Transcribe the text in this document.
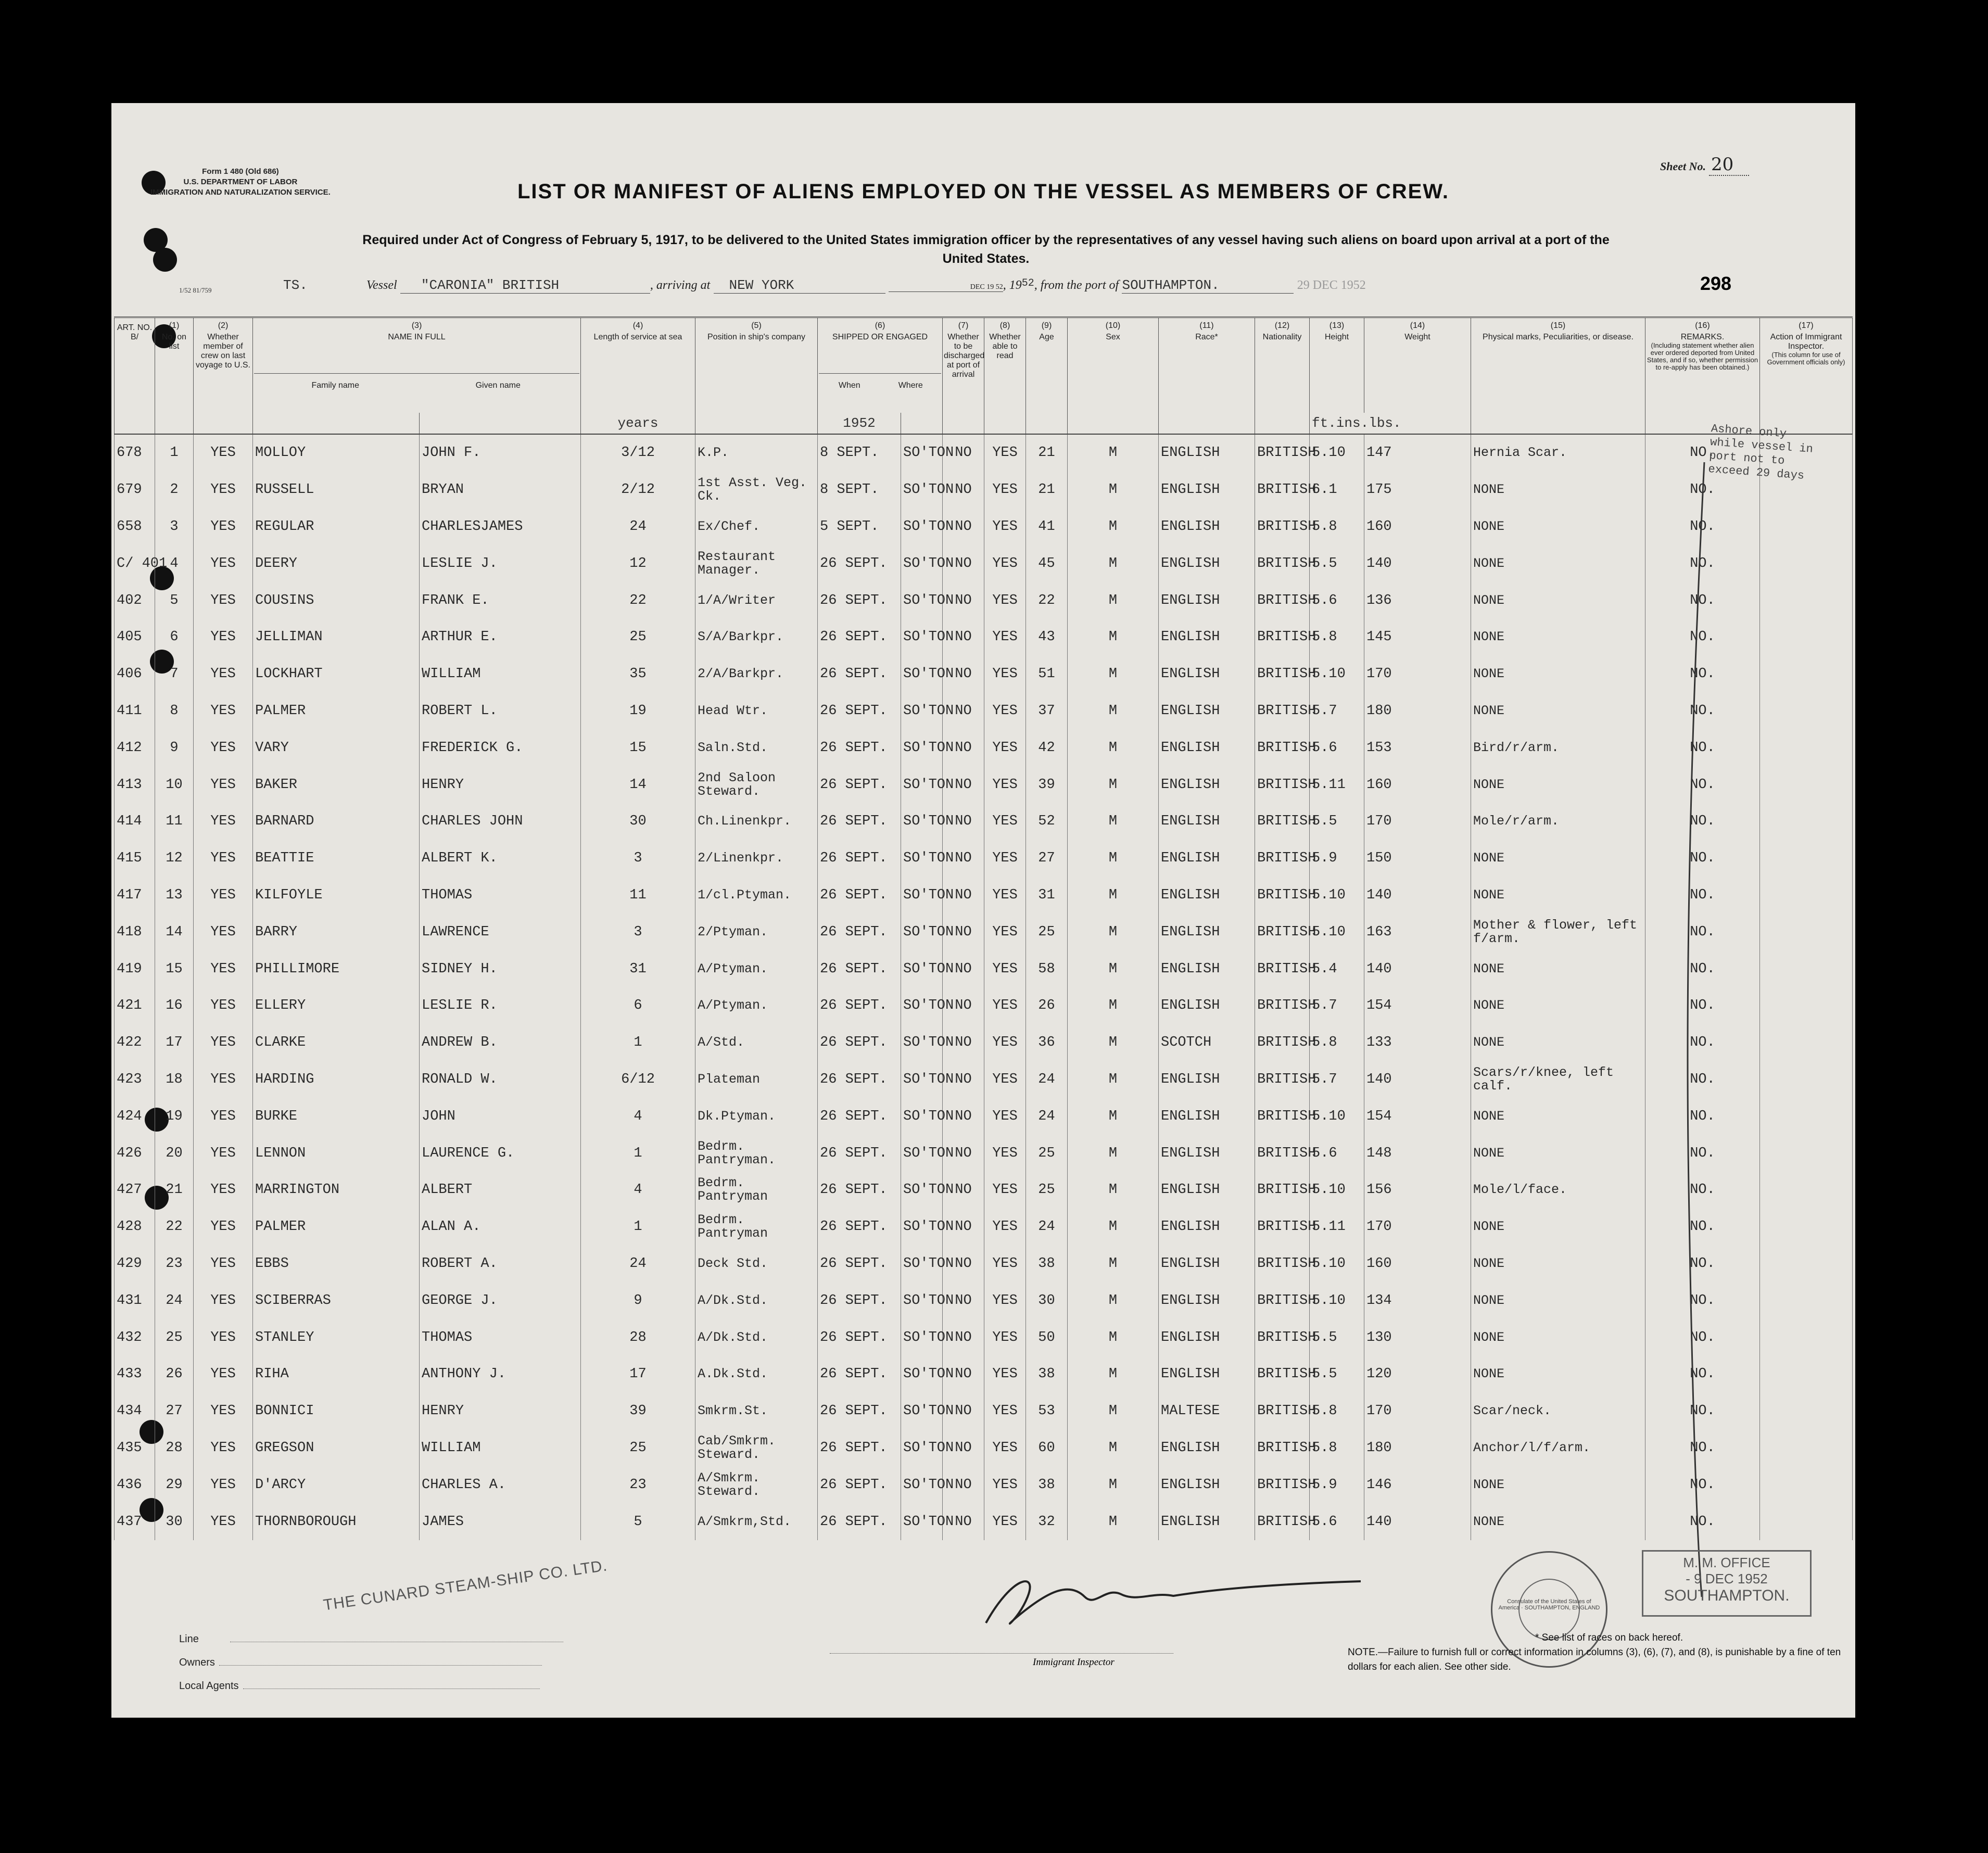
Form 1 480 (Old 686)
U.S. DEPARTMENT OF LABOR
IMMIGRATION AND NATURALIZATION SERVICE.
Sheet No. 20
LIST OR MANIFEST OF ALIENS EMPLOYED ON THE VESSEL AS MEMBERS OF CREW.
Required under Act of Congress of February 5, 1917, to be delivered to the United States immigration officer by the representatives of any vessel having such aliens on board upon arrival at a port of the United States.
1/52 81/759	TS.	Vessel "CARONIA" BRITISH	, arriving at NEW YORK	DEC 19 52, $19^{52}$, from the port of SOUTHAMPTON.	29 DEC 1952	298
ART. NO. B/	(1)
No. on list	(2)
Whether member of crew on last voyage to U.S.	(3)
NAME IN FULL
Family name Given name		(4)
Length of service at sea	(5)
Position in ship's company	(6)
SHIPPED OR ENGAGED
When Where		(7)
Whether to be discharged at port of arrival	(8)
Whether able to read	(9)
Age	(10)
Sex	(11)
Race*	(12)
Nationality	(13)
Height	(14)
Weight	(15)
Physical marks, Peculiarities, or disease.	(16)
REMARKS.
(Including statement whether alien ever ordered deported from United States, and if so, whether permission to re-apply has been obtained.)	(17)
Action of Immigrant Inspector.
(This column for use of Government officials only)

					years		1952								ft.ins.lbs.				
678	1	YES	MOLLOY	JOHN F.	3/12	K.P.	8 SEPT.	SO'TON	NO	YES	21	M	ENGLISH	BRITISH	5.10	147	Hernia Scar.	NO.	
679	2	YES	RUSSELL	BRYAN	2/12	1st Asst. Veg. Ck.	8 SEPT.	SO'TON	NO	YES	21	M	ENGLISH	BRITISH	6.1	175	NONE	NO.	
658	3	YES	REGULAR	CHARLESJAMES	24	Ex/Chef.	5 SEPT.	SO'TON	NO	YES	41	M	ENGLISH	BRITISH	5.8	160	NONE	NO.	
C/ 401	4	YES	DEERY	LESLIE J.	12	Restaurant Manager.	26 SEPT.	SO'TON	NO	YES	45	M	ENGLISH	BRITISH	5.5	140	NONE	NO.	
402	5	YES	COUSINS	FRANK E.	22	1/A/Writer	26 SEPT.	SO'TON	NO	YES	22	M	ENGLISH	BRITISH	5.6	136	NONE	NO.	
405	6	YES	JELLIMAN	ARTHUR E.	25	S/A/Barkpr.	26 SEPT.	SO'TON	NO	YES	43	M	ENGLISH	BRITISH	5.8	145	NONE	NO.	
406	7	YES	LOCKHART	WILLIAM	35	2/A/Barkpr.	26 SEPT.	SO'TON	NO	YES	51	M	ENGLISH	BRITISH	5.10	170	NONE	NO.	
411	8	YES	PALMER	ROBERT L.	19	Head Wtr.	26 SEPT.	SO'TON	NO	YES	37	M	ENGLISH	BRITISH	5.7	180	NONE	NO.	
412	9	YES	VARY	FREDERICK G.	15	Saln.Std.	26 SEPT.	SO'TON	NO	YES	42	M	ENGLISH	BRITISH	5.6	153	Bird/r/arm.	NO.	
413	10	YES	BAKER	HENRY	14	2nd Saloon Steward.	26 SEPT.	SO'TON	NO	YES	39	M	ENGLISH	BRITISH	5.11	160	NONE	NO.	
414	11	YES	BARNARD	CHARLES JOHN	30	Ch.Linenkpr.	26 SEPT.	SO'TON	NO	YES	52	M	ENGLISH	BRITISH	5.5	170	Mole/r/arm.	NO.	
415	12	YES	BEATTIE	ALBERT K.	3	2/Linenkpr.	26 SEPT.	SO'TON	NO	YES	27	M	ENGLISH	BRITISH	5.9	150	NONE	NO.	
417	13	YES	KILFOYLE	THOMAS	11	1/cl.Ptyman.	26 SEPT.	SO'TON	NO	YES	31	M	ENGLISH	BRITISH	5.10	140	NONE	NO.	
418	14	YES	BARRY	LAWRENCE	3	2/Ptyman.	26 SEPT.	SO'TON	NO	YES	25	M	ENGLISH	BRITISH	5.10	163	Mother & flower, left f/arm.	NO.	
419	15	YES	PHILLIMORE	SIDNEY H.	31	A/Ptyman.	26 SEPT.	SO'TON	NO	YES	58	M	ENGLISH	BRITISH	5.4	140	NONE	NO.	
421	16	YES	ELLERY	LESLIE R.	6	A/Ptyman.	26 SEPT.	SO'TON	NO	YES	26	M	ENGLISH	BRITISH	5.7	154	NONE	NO.	
422	17	YES	CLARKE	ANDREW B.	1	A/Std.	26 SEPT.	SO'TON	NO	YES	36	M	SCOTCH	BRITISH	5.8	133	NONE	NO.	
423	18	YES	HARDING	RONALD W.	6/12	Plateman	26 SEPT.	SO'TON	NO	YES	24	M	ENGLISH	BRITISH	5.7	140	Scars/r/knee, left calf.	NO.	
424	19	YES	BURKE	JOHN	4	Dk.Ptyman.	26 SEPT.	SO'TON	NO	YES	24	M	ENGLISH	BRITISH	5.10	154	NONE	NO.	
426	20	YES	LENNON	LAURENCE G.	1	Bedrm. Pantryman.	26 SEPT.	SO'TON	NO	YES	25	M	ENGLISH	BRITISH	5.6	148	NONE	NO.	
427	21	YES	MARRINGTON	ALBERT	4	Bedrm. Pantryman	26 SEPT.	SO'TON	NO	YES	25	M	ENGLISH	BRITISH	5.10	156	Mole/l/face.	NO.	
428	22	YES	PALMER	ALAN A.	1	Bedrm. Pantryman	26 SEPT.	SO'TON	NO	YES	24	M	ENGLISH	BRITISH	5.11	170	NONE	NO.	
429	23	YES	EBBS	ROBERT A.	24	Deck Std.	26 SEPT.	SO'TON	NO	YES	38	M	ENGLISH	BRITISH	5.10	160	NONE	NO.	
431	24	YES	SCIBERRAS	GEORGE J.	9	A/Dk.Std.	26 SEPT.	SO'TON	NO	YES	30	M	ENGLISH	BRITISH	5.10	134	NONE	NO.	
432	25	YES	STANLEY	THOMAS	28	A/Dk.Std.	26 SEPT.	SO'TON	NO	YES	50	M	ENGLISH	BRITISH	5.5	130	NONE	NO.	
433	26	YES	RIHA	ANTHONY J.	17	A.Dk.Std.	26 SEPT.	SO'TON	NO	YES	38	M	ENGLISH	BRITISH	5.5	120	NONE	NO.	
434	27	YES	BONNICI	HENRY	39	Smkrm.St.	26 SEPT.	SO'TON	NO	YES	53	M	MALTESE	BRITISH	5.8	170	Scar/neck.	NO.	
435	28	YES	GREGSON	WILLIAM	25	Cab/Smkrm. Steward.	26 SEPT.	SO'TON	NO	YES	60	M	ENGLISH	BRITISH	5.8	180	Anchor/l/f/arm.	NO.	
436	29	YES	D'ARCY	CHARLES A.	23	A/Smkrm. Steward.	26 SEPT.	SO'TON	NO	YES	38	M	ENGLISH	BRITISH	5.9	146	NONE	NO.	
437	30	YES	THORNBOROUGH	JAMES	5	A/Smkrm,Std.	26 SEPT.	SO'TON	NO	YES	32	M	ENGLISH	BRITISH	5.6	140	NONE	NO.	
Ashore only while vessel in port not to exceed 29 days
Line
Owners
Local Agents
THE CUNARD STEAM-SHIP CO. LTD.
Immigrant Inspector
Consulate of the United States of America · SOUTHAMPTON, ENGLAND
M. M. OFFICE
- 9 DEC 1952
SOUTHAMPTON.
* See list of races on back hereof.
NOTE.—Failure to furnish full or correct information in columns (3), (6), (7), and (8), is punishable by a fine of ten dollars for each alien. See other side.
